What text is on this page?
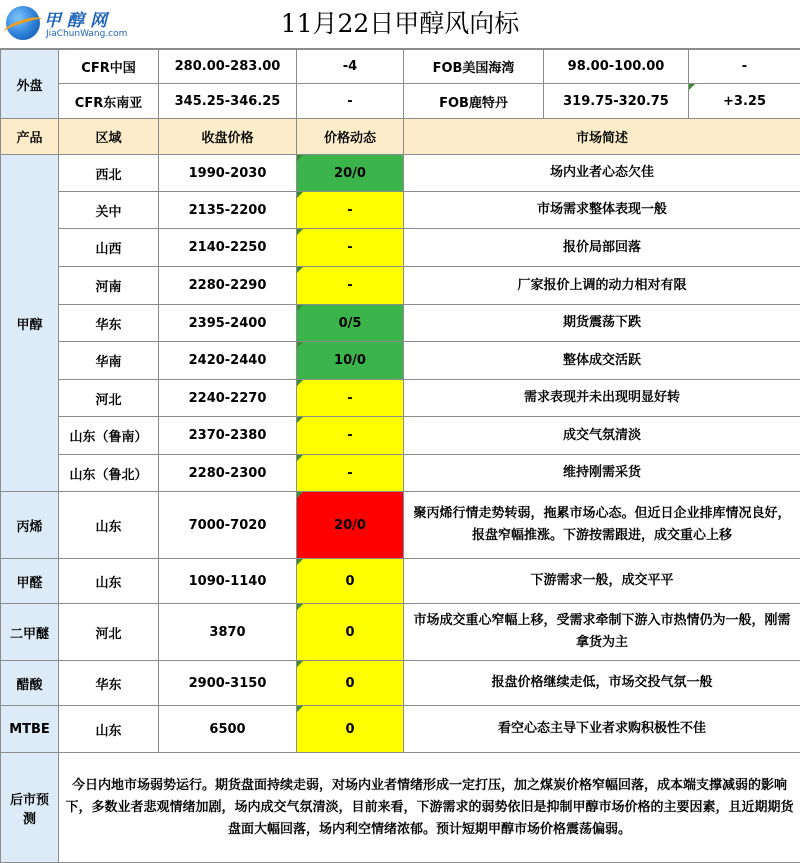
甲醇网
JiaChunWang.com	11月22日甲醇风向标
外盘	CFR中国	280.00-283.00	-4	FOB美国海湾	98.00-100.00	-
	CFR东南亚	345.25-346.25	-	FOB鹿特丹	319.75-320.75	+3.25
产品	区域	收盘价格	价格动态	市场简述		
甲醇	西北	1990-2030	20/0	场内业者心态欠佳		
	关中	2135-2200	-	市场需求整体表现一般		
	山西	2140-2250	-	报价局部回落		
	河南	2280-2290	-	厂家报价上调的动力相对有限		
	华东	2395-2400	0/5	期货震荡下跌		
	华南	2420-2440	10/0	整体成交活跃		
	河北	2240-2270	-	需求表现并未出现明显好转		
	山东（鲁南）	2370-2380	-	成交气氛清淡		
	山东（鲁北）	2280-2300	-	维持刚需采货		
丙烯	山东	7000-7020	20/0	聚丙烯行情走势转弱，拖累市场心态。但近日企业排库情况良好，报盘窄幅推涨。下游按需跟进，成交重心上移		
甲醛	山东	1090-1140	0	下游需求一般，成交平平		
二甲醚	河北	3870	0	市场成交重心窄幅上移，受需求牵制下游入市热情仍为一般，刚需拿货为主		
醋酸	华东	2900-3150	0	报盘价格继续走低，市场交投气氛一般		
MTBE	山东	6500	0	看空心态主导下业者求购积极性不佳		
后市预测	今日内地市场弱势运行。期货盘面持续走弱，对场内业者情绪形成一定打压，加之煤炭价格窄幅回落，成本端支撑减弱的影响下，多数业者悲观情绪加剧，场内成交气氛清淡，目前来看，下游需求的弱势依旧是抑制甲醇市场价格的主要因素，且近期期货盘面大幅回落，场内利空情绪浓郁。预计短期甲醇市场价格震荡偏弱。					
